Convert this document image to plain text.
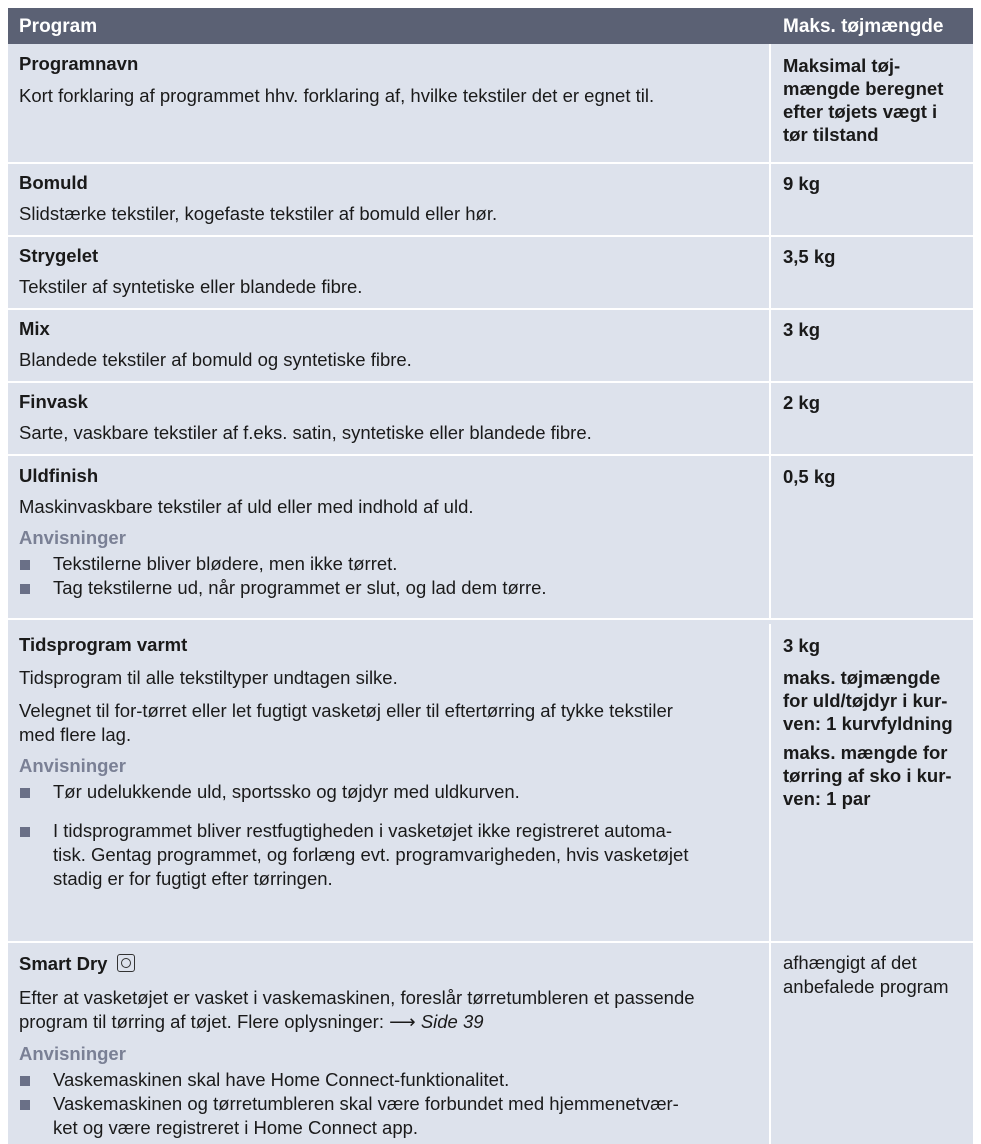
Program	Maks. tøjmængde
Programnavn
Kort forklaring af programmet hhv. forklaring af, hvilke tekstiler det er egnet til.
Maksimal tøj-
mængde beregnet
efter tøjets vægt i
tør tilstand
Bomuld
Slidstærke tekstiler, kogefaste tekstiler af bomuld eller hør.
9 kg
Strygelet
Tekstiler af syntetiske eller blandede fibre.
3,5 kg
Mix
Blandede tekstiler af bomuld og syntetiske fibre.
3 kg
Finvask
Sarte, vaskbare tekstiler af f.eks. satin, syntetiske eller blandede fibre.
2 kg
Uldfinish
Maskinvaskbare tekstiler af uld eller med indhold af uld.
Anvisninger
Tekstilerne bliver blødere, men ikke tørret.
Tag tekstilerne ud, når programmet er slut, og lad dem tørre.
0,5 kg
Tidsprogram varmt
Tidsprogram til alle tekstiltyper undtagen silke.
Velegnet til for-tørret eller let fugtigt vasketøj eller til eftertørring af tykke tekstiler
med flere lag.
Anvisninger
Tør udelukkende uld, sportssko og tøjdyr med uldkurven.
3 kg
maks. tøjmængde
for uld/tøjdyr i kur-
ven: 1 kurvfyldning
maks. mængde for
tørring af sko i kur-
ven: 1 par
I tidsprogrammet bliver restfugtigheden i vasketøjet ikke registreret automa-
tisk. Gentag programmet, og forlæng evt. programvarigheden, hvis vasketøjet
stadig er for fugtigt efter tørringen.
Smart Dry
Efter at vasketøjet er vasket i vaskemaskinen, foreslår tørretumbleren et passende
program til tørring af tøjet. Flere oplysninger: ⟶ Side 39
Anvisninger
Vaskemaskinen skal have Home Connect-funktionalitet.
Vaskemaskinen og tørretumbleren skal være forbundet med hjemmenetvær-
ket og være registreret i Home Connect app.
afhængigt af det
anbefalede program
